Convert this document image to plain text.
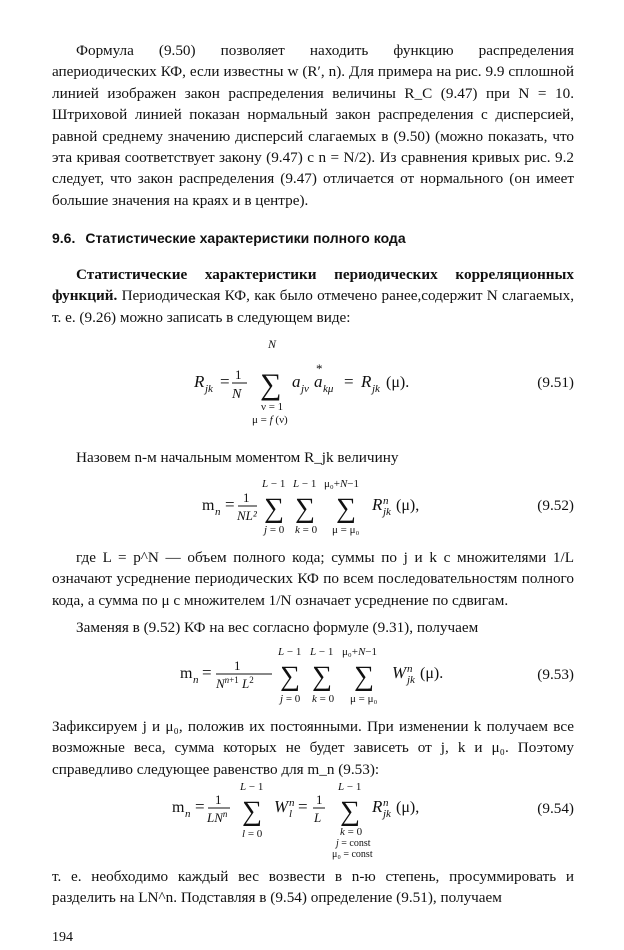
Формула (9.50) позволяет находить функцию распределения апериодических КФ, если известны w (R′, n). Для примера на рис. 9.9 сплошной линией изображен закон распределения величины R_C (9.47) при N = 10. Штриховой линией показан нормальный закон распределения с дисперсией, равной среднему значению дисперсий слагаемых в (9.50) (можно показать, что эта кривая соответствует закону (9.47) с n = N/2). Из сравнения кривых рис. 9.2 следует, что закон распределения (9.47) отличается от нормального (он имеет большие значения на краях и в центре).

9.6. Статистические характеристики полного кода

Статистические характеристики периодических корреляционных функций. Периодическая КФ, как было отмечено ранее,содержит N слагаемых, т. е. (9.26) можно записать в следующем виде:

R jk = 1
N
N
∑
ν = 1
μ = f (ν)
a jν
*
a kμ = R jk (μ).	(9.51)

Назовем n-м начальным моментом R_jk величину

m n = 1
NL²
L − 1
∑
j = 0
L − 1
∑
k = 0
μ₀+N−1
∑
μ = μ₀
R n
jk (μ),	(9.52)

где L = p^N — объем полного кода; суммы по j и k с множителями 1/L означают усреднение периодических КФ по всем последовательностям полного кода, а сумма по μ с множителем 1/N означает усреднение по сдвигам.

Заменяя в (9.52) КФ на вес согласно формуле (9.31), получаем

m n = 1
$N^n+1$ $L^2$
L − 1
∑
j = 0
L − 1
∑
k = 0
μ₀+N−1
∑
μ = μ₀
W n
jk (μ).	(9.53)

Зафиксируем j и μ₀, положив их постоянными. При изменении k получаем все возможные веса, сумма которых не будет зависеть от j, k и μ₀. Поэтому справедливо следующее равенство для m_n (9.53):

m n = 1
$LN^n$
L − 1
∑
l = 0
W n
l = 1
L
L − 1
∑
k = 0
j = const
μ₀ = const
R n
jk (μ),	(9.54)

т. е. необходимо каждый вес возвести в n-ю степень, просуммировать и разделить на LN^n. Подставляя в (9.54) определение (9.51), получаем

194
